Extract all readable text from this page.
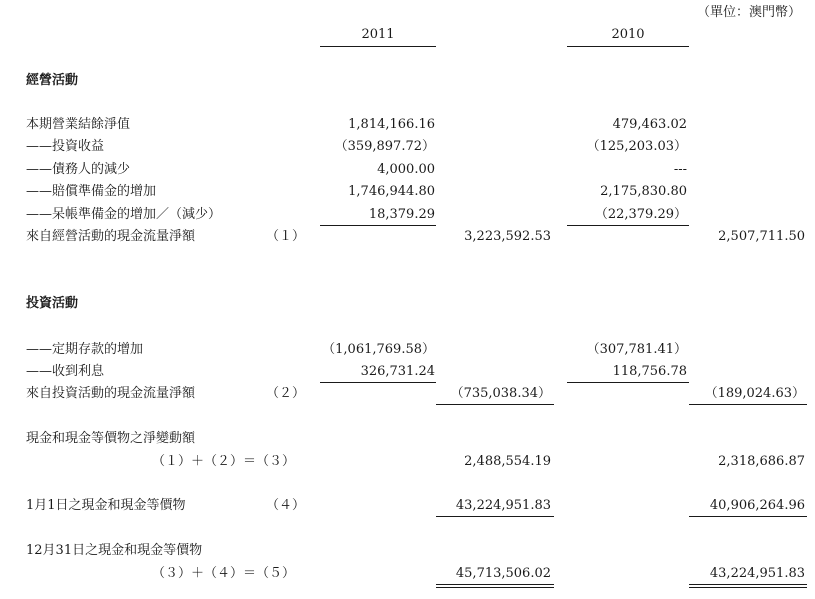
（單位：澳門幣）
2011	2010
經營活動
本期營業結餘淨值	1,814,166.16	479,463.02
——投資收益	（359,897.72）	（125,203.03）
——債務人的減少	4,000.00	---
——賠償準備金的增加	1,746,944.80	2,175,830.80
——呆帳準備金的增加／（減少）	18,379.29	（22,379.29）
來自經營活動的現金流量淨額	（１）	3,223,592.53	2,507,711.50
投資活動
——定期存款的增加	（1,061,769.58）	（307,781.41）
——收到利息	326,731.24	118,756.78
來自投資活動的現金流量淨額	（２）	（735,038.34）	（189,024.63）
現金和現金等價物之淨變動額
（１）＋（２）＝（３）	2,488,554.19	2,318,686.87
1月1日之現金和現金等價物	（４）	43,224,951.83	40,906,264.96
12月31日之現金和現金等價物
（３）＋（４）＝（５）	45,713,506.02	43,224,951.83
